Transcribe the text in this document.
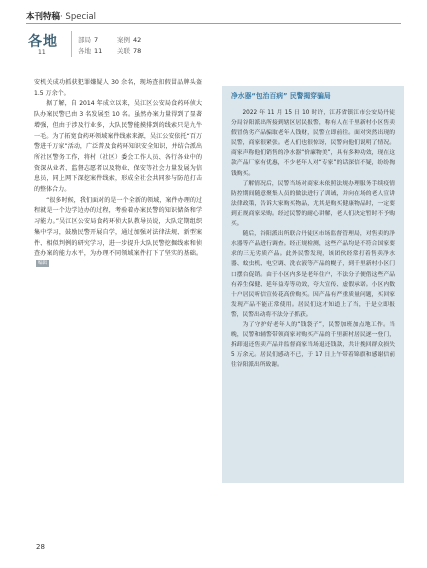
本刊特稿· Special
各地
11
部局 7
各地 11
案例 42
关联 78

安机关成功抓获犯罪嫌疑人 30 余名，现场查扣假冒品牌头盔 1.5 万余个。

据了解，自 2014 年成立以来，吴江区公安局食药环侦大队办案民警已由 3 名发展至 10 名。虽然办案力量得到了显著增强，但由于涉及行业多，大队民警能摸排到的线索只是九牛一毛。为了拓宽食药环领域案件线索来源，吴江公安依托“百万警进千万家”活动，广泛普及食药环知识安全知识，并结合派出所社区警务工作，将村（社区）委会工作人员、各行各业中的资深从业者、监督志愿者以及物业、保安等社会力量发展为信息员，同上网下深挖案件线索，形成全社会共同参与防范打击的整体合力。

“很多时候，我们面对的是一个全新的领域，案件办理的过程就是一个边学边办的过程，考验着办案民警的知识储备和学习能力。”吴江区公安局食药环侦大队教导员说，大队定期组织集中学习，鼓励民警开展自学，通过加强对法律法规、新型案件、相似判例的研究学习，进一步提升大队民警挖掘线索和侦查办案的能力水平，为办理不同领域案件打下了坚实的基础。编辑

净水器“包治百病” 民警揭穿骗局

2022 年 11 月 15 日 10 时许，江苏省镇江市公安局丹徒分局谷阳派出所接到辖区居民报警，称有人在千里新村小区售卖假冒伪劣产品骗取老年人钱财，民警立即前往。面对突然出现的民警，商家很紧张。老人们也很惊讶，民警向他们说明了情况。商家声称他们销售的净水器“价廉物美”，具有多种功效，现在这款产品厂家有优惠，不少老年人对“专家”的话深信不疑，纷纷掏钱购买。

了解情况后，民警当场对商家未依照法规办理服务手续疫情防控期间随意聚集人员的做法进行了训诫，并向在场的老人宣讲法律政策，告诉大家购买物品，尤其是购买健康物品时，一定要到正规商家采购。经过民警的耐心讲解，老人们决定暂时不予购买。

随后，谷阳派出所联合丹徒区市场监督管理局，对售卖的净水器等产品进行调查。经正规检测，这些产品均是不符合国家要求的三无劣质产品。此外民警发现，该团伙经常打着售卖净水器、蚊虫机、电空调、洗衣液等产品的幌子，到千里新村小区门口摆台促销。由于小区内多是老年住户，不法分子便借这些产品有养生保健、延年益寿等功效，夸大宣传、虚假承诺。小区内数十户居民听信宣传花高价购买。因产品有严重质量问题，买回家发现产品不能正常使用。居民们这才知道上了当，于是立即报警，民警出动将不法分子抓获。

为了守护好老年人的“钱袋子”，民警加班加点地工作。当晚，民警和辅警带领商家对购买产品的千里新村居民逐一登门，拆卸退还售卖产品并监督商家当场退还钱款，共计挽回群众损失 5 万余元。居民们感动不已，于 17 日上午带着锦旗和感谢信前往谷阳派出所致谢。

28
